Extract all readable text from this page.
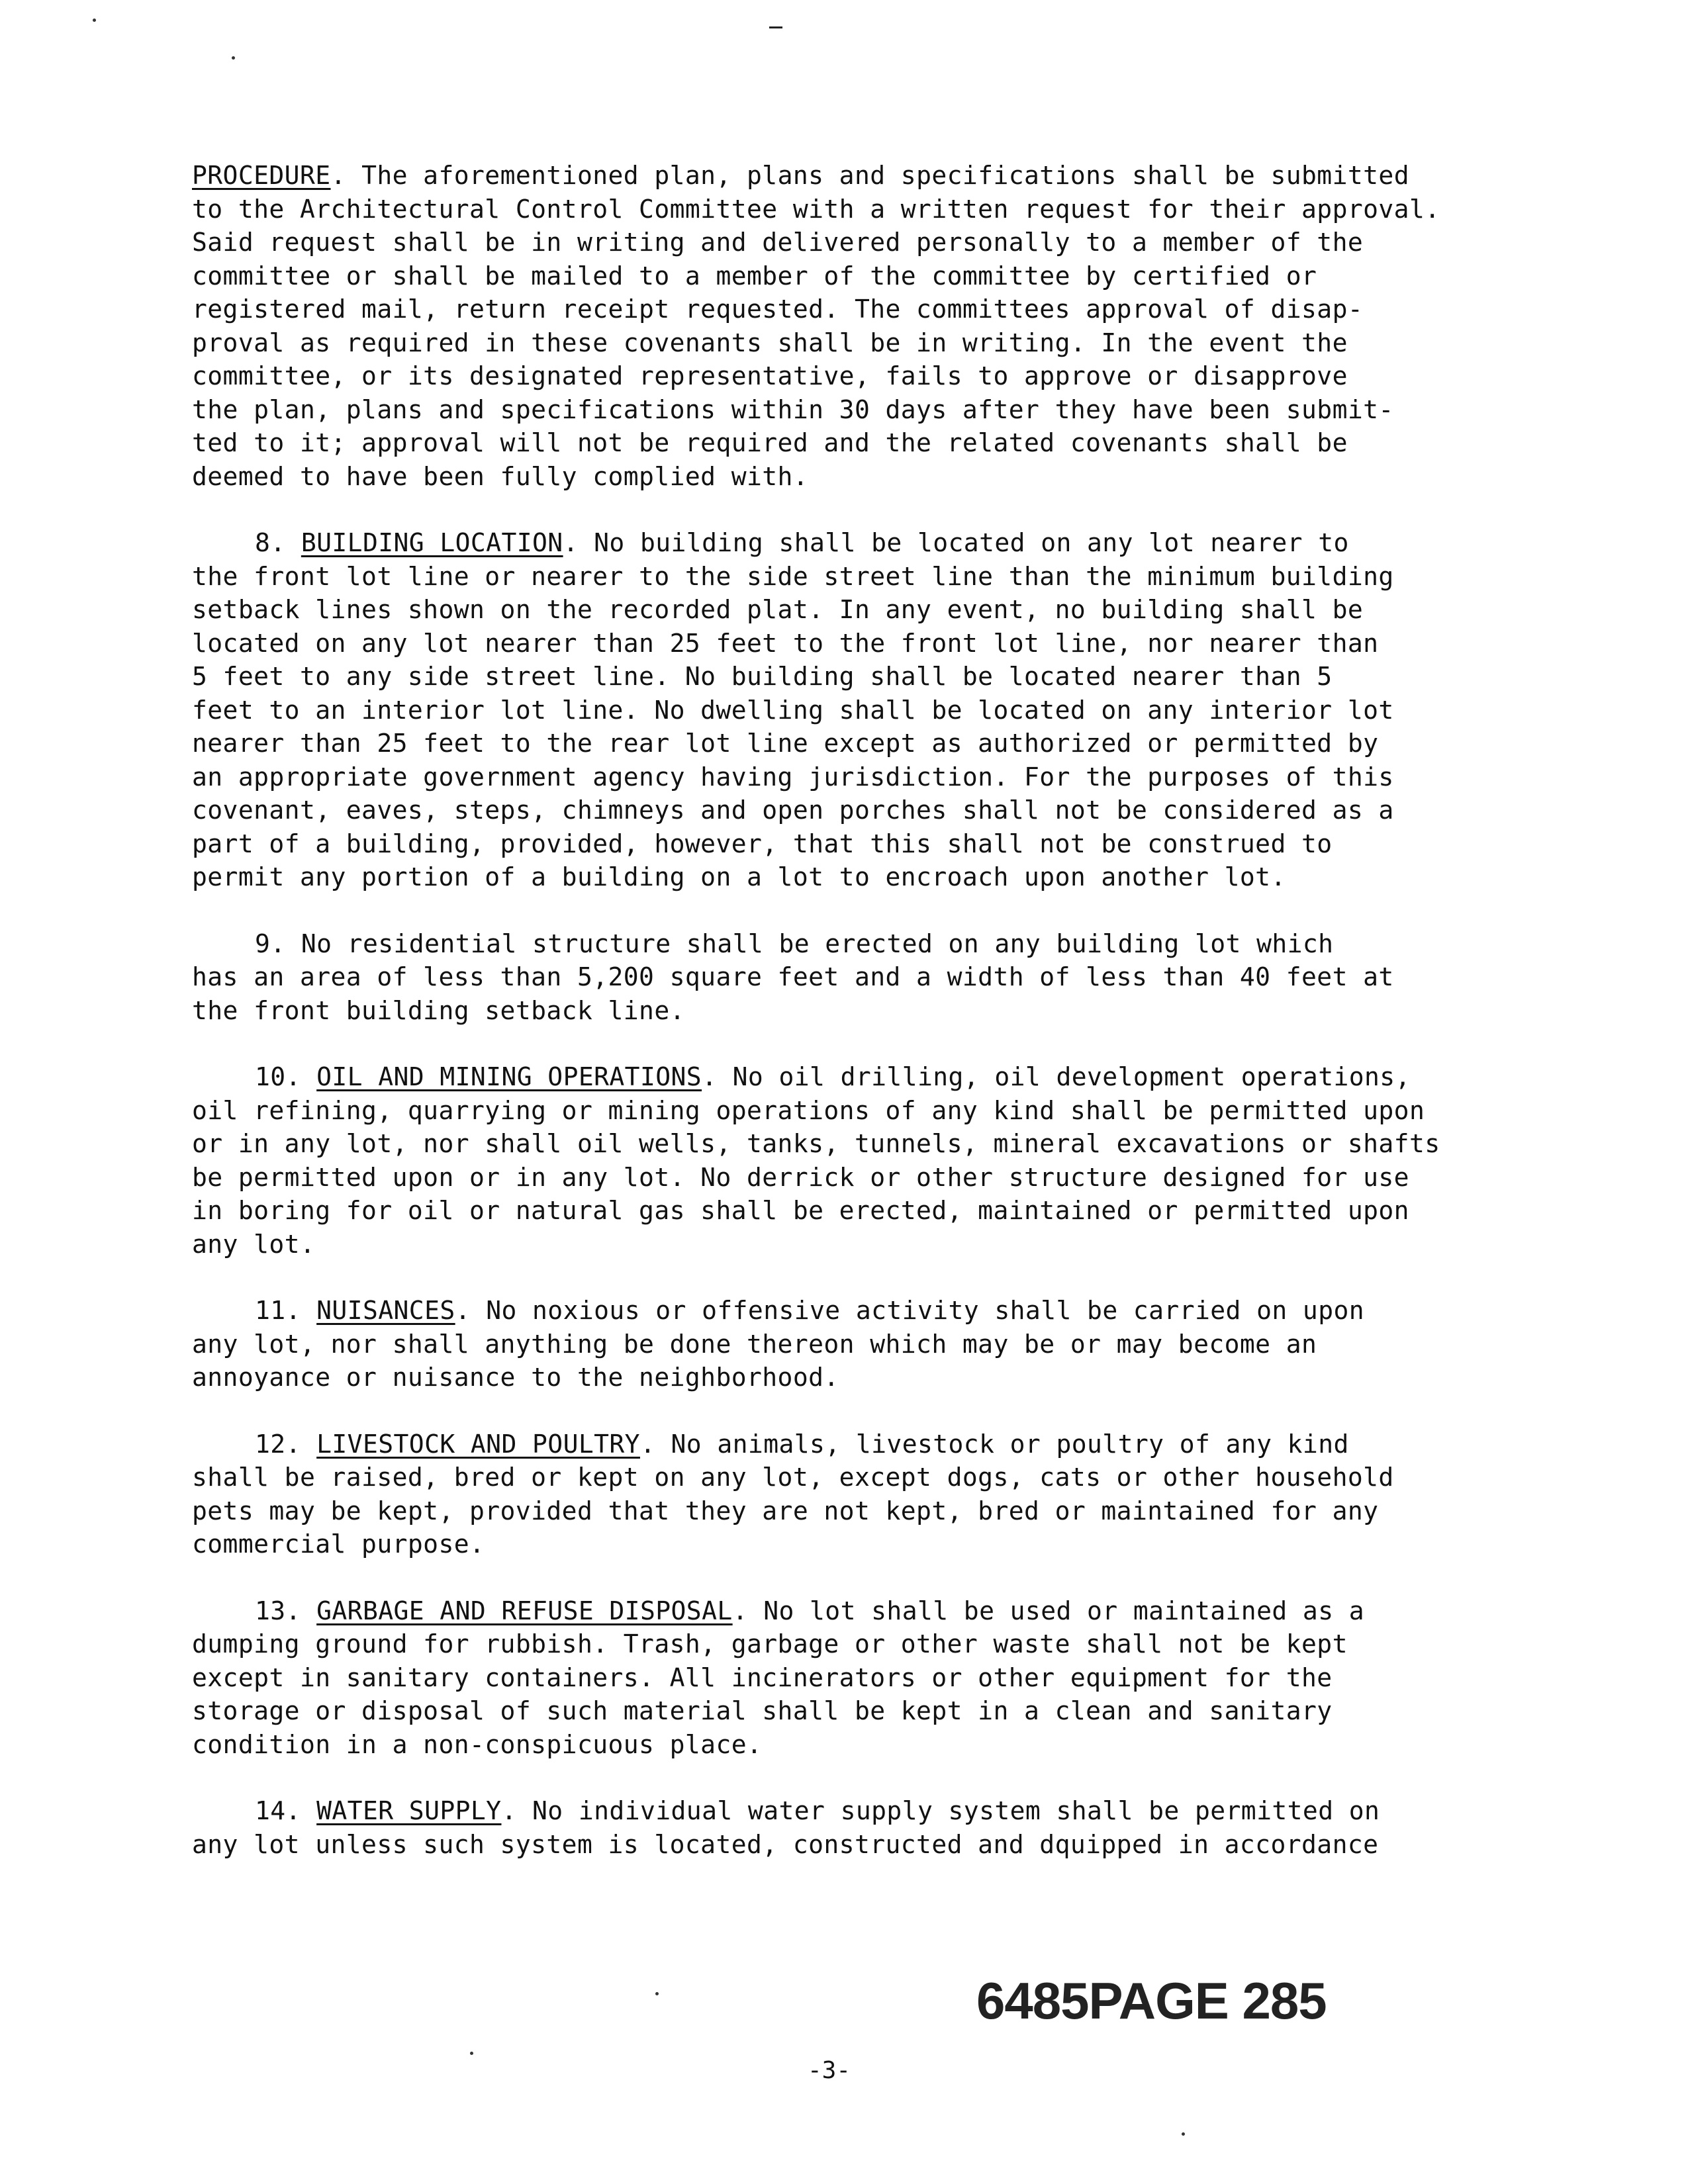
PROCEDURE. The aforementioned plan, plans and specifications shall be submitted
to the Architectural Control Committee with a written request for their approval.
Said request shall be in writing and delivered personally to a member of the
committee or shall be mailed to a member of the committee by certified or
registered mail, return receipt requested. The committees approval of disap-
proval as required in these covenants shall be in writing. In the event the
committee, or its designated representative, fails to approve or disapprove
the plan, plans and specifications within 30 days after they have been submit-
ted to it; approval will not be required and the related covenants shall be
deemed to have been fully complied with.

8. BUILDING LOCATION. No building shall be located on any lot nearer to
the front lot line or nearer to the side street line than the minimum building
setback lines shown on the recorded plat. In any event, no building shall be
located on any lot nearer than 25 feet to the front lot line, nor nearer than
5 feet to any side street line. No building shall be located nearer than 5
feet to an interior lot line. No dwelling shall be located on any interior lot
nearer than 25 feet to the rear lot line except as authorized or permitted by
an appropriate government agency having jurisdiction. For the purposes of this
covenant, eaves, steps, chimneys and open porches shall not be considered as a
part of a building, provided, however, that this shall not be construed to
permit any portion of a building on a lot to encroach upon another lot.

9. No residential structure shall be erected on any building lot which
has an area of less than 5,200 square feet and a width of less than 40 feet at
the front building setback line.

10. OIL AND MINING OPERATIONS. No oil drilling, oil development operations,
oil refining, quarrying or mining operations of any kind shall be permitted upon
or in any lot, nor shall oil wells, tanks, tunnels, mineral excavations or shafts
be permitted upon or in any lot. No derrick or other structure designed for use
in boring for oil or natural gas shall be erected, maintained or permitted upon
any lot.

11. NUISANCES. No noxious or offensive activity shall be carried on upon
any lot, nor shall anything be done thereon which may be or may become an
annoyance or nuisance to the neighborhood.

12. LIVESTOCK AND POULTRY. No animals, livestock or poultry of any kind
shall be raised, bred or kept on any lot, except dogs, cats or other household
pets may be kept, provided that they are not kept, bred or maintained for any
commercial purpose.

13. GARBAGE AND REFUSE DISPOSAL. No lot shall be used or maintained as a
dumping ground for rubbish. Trash, garbage or other waste shall not be kept
except in sanitary containers. All incinerators or other equipment for the
storage or disposal of such material shall be kept in a clean and sanitary
condition in a non-conspicuous place.

14. WATER SUPPLY. No individual water supply system shall be permitted on
any lot unless such system is located, constructed and dquipped in accordance

6485PAGE 285
-3-
